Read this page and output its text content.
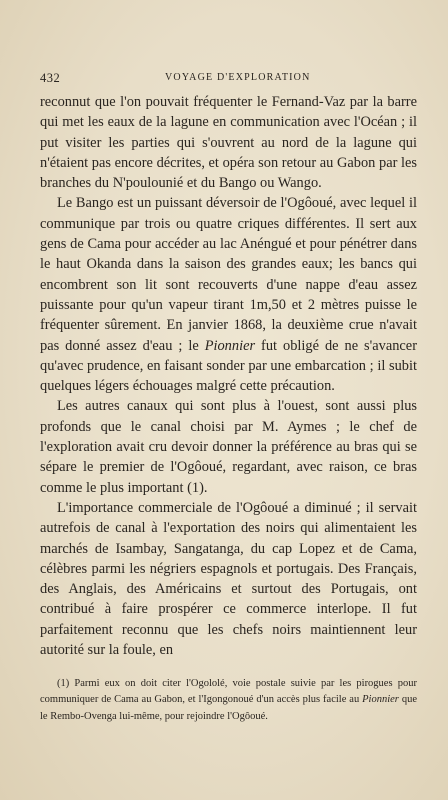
432	VOYAGE D'EXPLORATION

reconnut que l'on pouvait fréquenter le Fernand-Vaz par la barre qui met les eaux de la lagune en communication avec l'Océan ; il put visiter les parties qui s'ouvrent au nord de la lagune qui n'étaient pas encore décrites, et opéra son retour au Gabon par les branches du N'poulounié et du Bango ou Wango.

Le Bango est un puissant déversoir de l'Ogôoué, avec lequel il communique par trois ou quatre criques différentes. Il sert aux gens de Cama pour accéder au lac Anéngué et pour pénétrer dans le haut Okanda dans la saison des grandes eaux; les bancs qui encombrent son lit sont recouverts d'une nappe d'eau assez puissante pour qu'un vapeur tirant 1m,50 et 2 mètres puisse le fréquenter sûrement. En janvier 1868, la deuxième crue n'avait pas donné assez d'eau ; le Pionnier fut obligé de ne s'avancer qu'avec prudence, en faisant sonder par une embarcation ; il subit quelques légers échouages malgré cette précaution.

Les autres canaux qui sont plus à l'ouest, sont aussi plus profonds que le canal choisi par M. Aymes ; le chef de l'exploration avait cru devoir donner la préférence au bras qui se sépare le premier de l'Ogôoué, regardant, avec raison, ce bras comme le plus important (1).

L'importance commerciale de l'Ogôoué a diminué ; il servait autrefois de canal à l'exportation des noirs qui alimentaient les marchés de Isambay, Sangatanga, du cap Lopez et de Cama, célèbres parmi les négriers espagnols et portugais. Des Français, des Anglais, des Américains et surtout des Portugais, ont contribué à faire prospérer ce commerce interlope. Il fut parfaitement reconnu que les chefs noirs maintiennent leur autorité sur la foule, en

(1) Parmi eux on doit citer l'Ogololé, voie postale suivie par les pirogues pour communiquer de Cama au Gabon, et l'Igongonoué d'un accès plus facile au Pionnier que le Rembo-Ovenga lui-même, pour rejoindre l'Ogôoué.
